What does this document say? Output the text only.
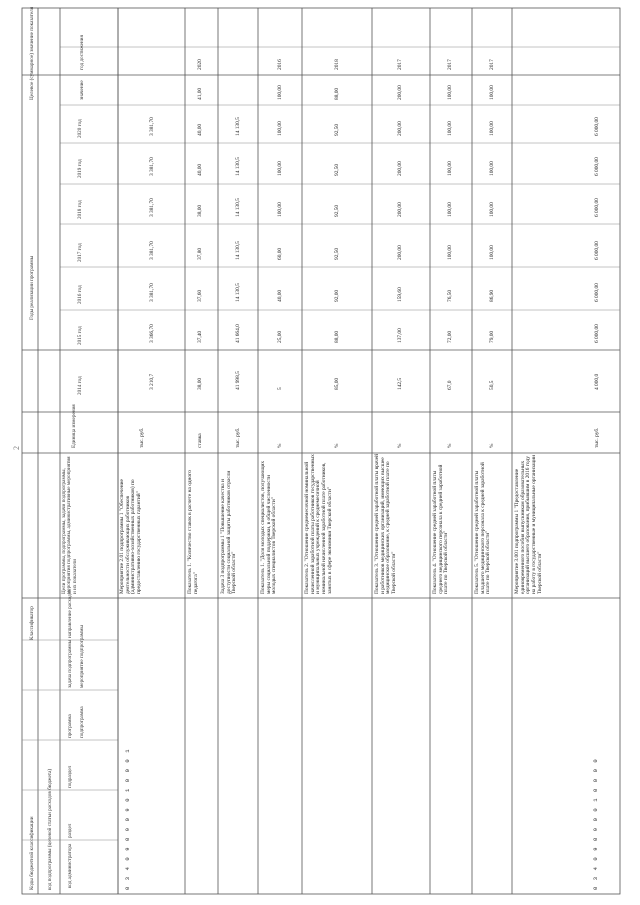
Коды бюджетной классификации код подпрограммы (целевой статьи расходов бюджета)	код администратора
раздел
подраздел
Классификатор
программа подпрограмма
задача подпрограммы мероприятие подпрограммы
направление расходов
Цели программы, подпрограммы, задачи подпрограммы, мероприятия подпрограммы, административные мероприятия и их показатели
Единица измерения
Годы реализации программы
Целевое (суммарное) значение показателя	значение
год достижения
2014 год
2015 год
2016 год
2017 год
2018 год
2019 год
2020 год
0 3 4 0 9 0 9 0 9 0 1 0 0 0 1
Мероприятие 2.01 подпрограммы 1 "Обеспечение деятельности обслуживающих работников (административно-хозяйственных работников) по предоставлению государственных гарантий"
тыс. руб.
3 210,7
3 366,70
3 381,70
3 381,70
3 381,70
3 381,70
3 381,70
Показатель 1. "Количество ставок в расчете на одного педагога"
ставка
38,00
37,40
37,60
37,80
38,00
40,00
40,00
41,00
2020
Задача 3 подпрограммы 1 "Повышение качества и доступности социальной защиты работников отрасли Тверской области"
тыс. руб.
41 998,5
41 664,0
14 130,5
14 130,5
14 130,5
14 130,5
14 130,5
Показатель 1. "Доля молодых специалистов, получающих меры социальной поддержки, в общей численности молодых специалистов Тверской области"
%
5
25,00
40,00
60,00
100,00
100,00
100,00
100,00
2016
Показатель 2. "Отношение среднемесячной номинальной начисленной заработной платы работников государственных и муниципальных учреждений к среднемесячной номинальной начисленной заработной плате работников, занятых в сфере экономики Тверской области"
%
85,00
88,00
92,00
92,50
92,50
92,50
92,50
88,00
2018
Показатель 3. "Отношение средней заработной платы врачей и работников медицинских организаций, имеющих высшее медицинское образование, к средней заработной плате по Тверской области"
%
142,5
137,00
159,60
200,00
200,00
200,00
200,00
200,00
2017
Показатель 4. "Отношение средней заработной платы среднего медицинского персонала к средней заработной плате по Тверской области"
%
67,0
72,00
76,50
100,00
100,00
100,00
100,00
100,00
2017
Показатель 5. "Отношение средней заработной платы младшего медицинского персонала к средней заработной плате по Тверской области"
%
50,5
79,00
86,90
100,00
100,00
100,00
100,00
100,00
2017
0 3 4 0 9 0 9 0 0 1 0 0 0 0
Мероприятие 3.001 подпрограммы 1 "Предоставление единовременного пособия выпускникам образовательных организаций высшего образования, прибывшим в 2016 году на работу в государственные и муниципальные организации Тверской области"
тыс. руб.
4 000,0
6 000,00
6 000,00
6 000,00
6 000,00
6 000,00
6 000,00
2
